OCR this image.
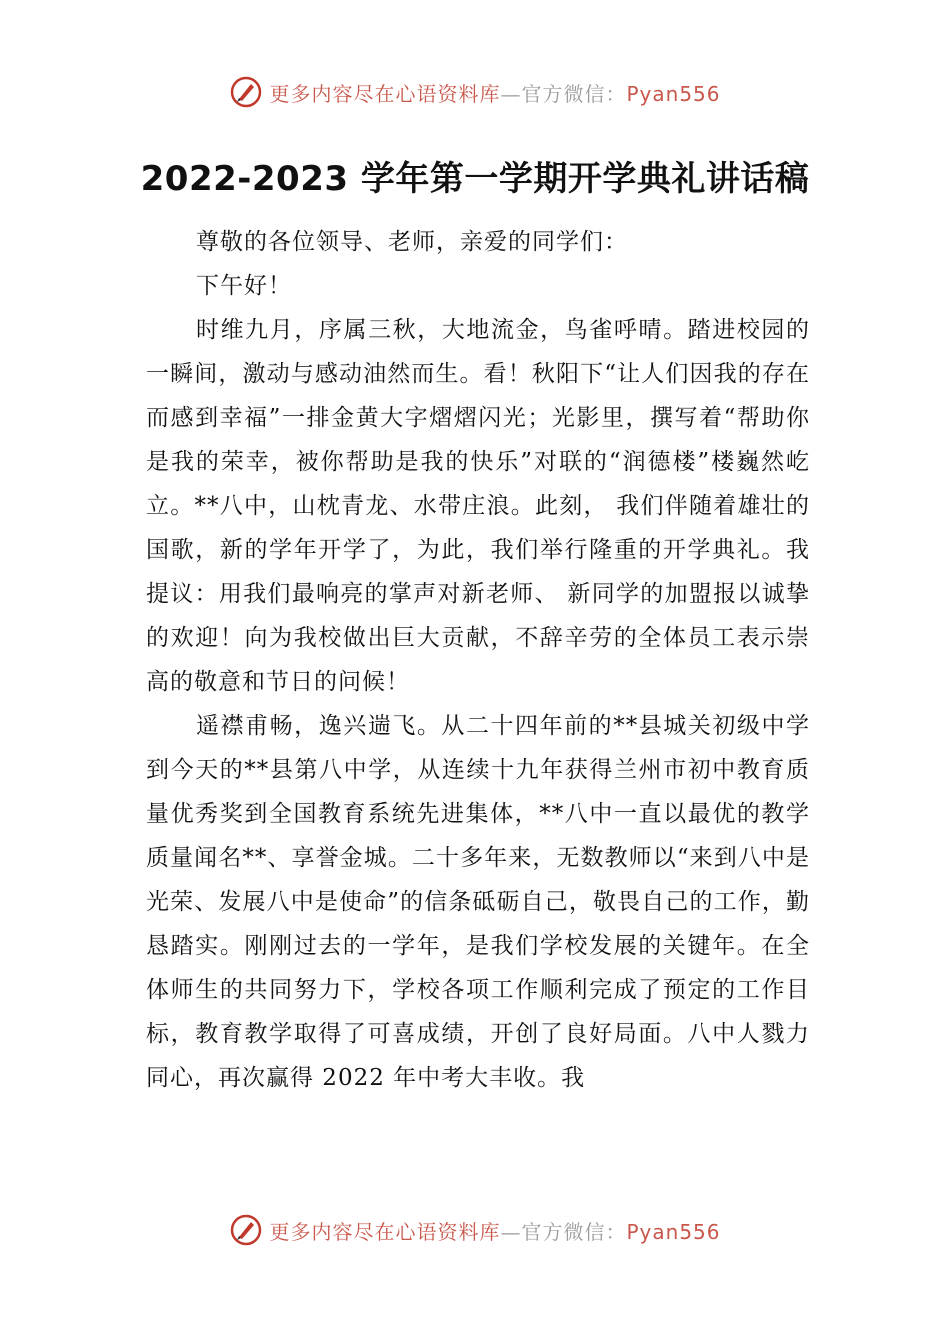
更多内容尽在心语资料库—官方微信：Pyan556
2022-2023 学年第一学期开学典礼讲话稿

尊敬的各位领导、老师，亲爱的同学们：

下午好！

时维九月，序属三秋，大地流金，鸟雀呼晴。踏进校园的一瞬间，激动与感动油然而生。看！秋阳下“让人们因我的存在而感到幸福”一排金黄大字熠熠闪光；光影里，撰写着“帮助你是我的荣幸，被你帮助是我的快乐”对联的“润德楼”楼巍然屹立。**八中，山枕青龙、水带庄浪。此刻， 我们伴随着雄壮的国歌，新的学年开学了，为此，我们举行隆重的开学典礼。我提议：用我们最响亮的掌声对新老师、 新同学的加盟报以诚挚的欢迎！向为我校做出巨大贡献，不辞辛劳的全体员工表示崇高的敬意和节日的问候！

遥襟甫畅，逸兴遄飞。从二十四年前的**县城关初级中学到今天的**县第八中学，从连续十九年获得兰州市初中教育质量优秀奖到全国教育系统先进集体，**八中一直以最优的教学质量闻名**、享誉金城。二十多年来，无数教师以“来到八中是光荣、发展八中是使命”的信条砥砺自己，敬畏自己的工作，勤恳踏实。刚刚过去的一学年，是我们学校发展的关键年。在全体师生的共同努力下，学校各项工作顺利完成了预定的工作目标，教育教学取得了可喜成绩，开创了良好局面。八中人戮力同心，再次赢得 2022 年中考大丰收。我

更多内容尽在心语资料库—官方微信：Pyan556
